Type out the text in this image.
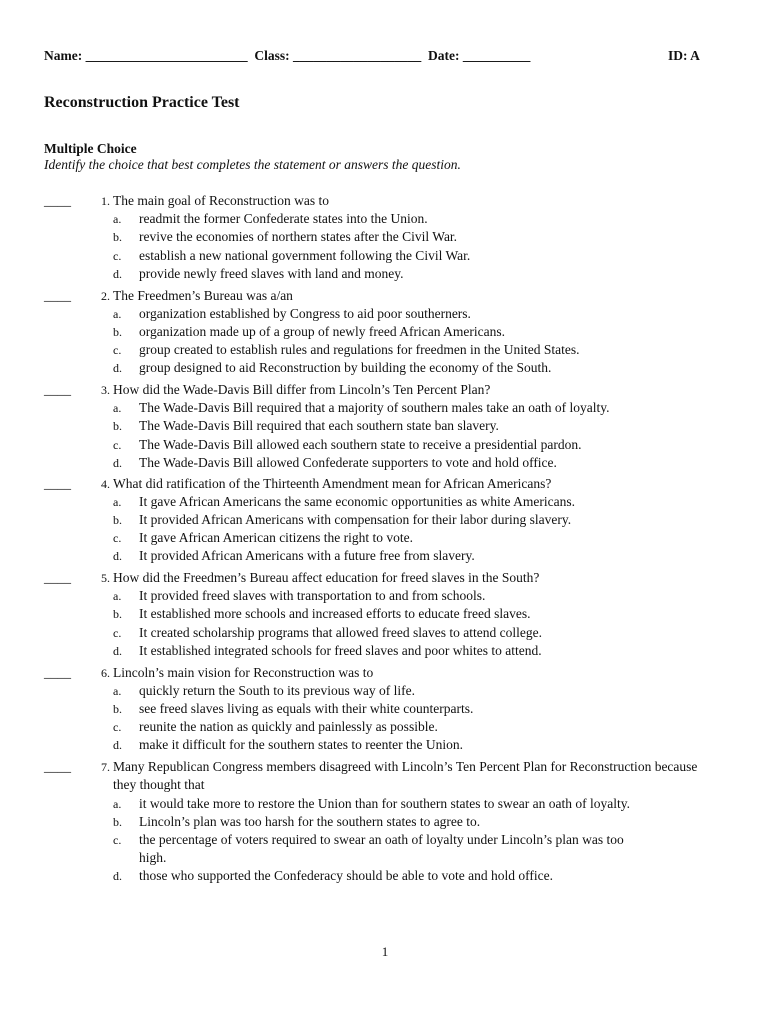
Name: ________________________ Class: ___________________ Date: __________	ID: A
Reconstruction Practice Test
Multiple Choice
Identify the choice that best completes the statement or answers the question.
____	1. The main goal of Reconstruction was to
a. readmit the former Confederate states into the Union.
b. revive the economies of northern states after the Civil War.
c. establish a new national government following the Civil War.
d. provide newly freed slaves with land and money.
____	2. The Freedmen’s Bureau was a/an
a. organization established by Congress to aid poor southerners.
b. organization made up of a group of newly freed African Americans.
c. group created to establish rules and regulations for freedmen in the United States.
d. group designed to aid Reconstruction by building the economy of the South.
____	3. How did the Wade-Davis Bill differ from Lincoln’s Ten Percent Plan?
a. The Wade-Davis Bill required that a majority of southern males take an oath of loyalty.
b. The Wade-Davis Bill required that each southern state ban slavery.
c. The Wade-Davis Bill allowed each southern state to receive a presidential pardon.
d. The Wade-Davis Bill allowed Confederate supporters to vote and hold office.
____	4. What did ratification of the Thirteenth Amendment mean for African Americans?
a. It gave African Americans the same economic opportunities as white Americans.
b. It provided African Americans with compensation for their labor during slavery.
c. It gave African American citizens the right to vote.
d. It provided African Americans with a future free from slavery.
____	5. How did the Freedmen’s Bureau affect education for freed slaves in the South?
a. It provided freed slaves with transportation to and from schools.
b. It established more schools and increased efforts to educate freed slaves.
c. It created scholarship programs that allowed freed slaves to attend college.
d. It established integrated schools for freed slaves and poor whites to attend.
____	6. Lincoln’s main vision for Reconstruction was to
a. quickly return the South to its previous way of life.
b. see freed slaves living as equals with their white counterparts.
c. reunite the nation as quickly and painlessly as possible.
d. make it difficult for the southern states to reenter the Union.
____	7. Many Republican Congress members disagreed with Lincoln’s Ten Percent Plan for Reconstruction because they thought that
a. it would take more to restore the Union than for southern states to swear an oath of loyalty.
b. Lincoln’s plan was too harsh for the southern states to agree to.
c. the percentage of voters required to swear an oath of loyalty under Lincoln’s plan was too high.
d. those who supported the Confederacy should be able to vote and hold office.
1
